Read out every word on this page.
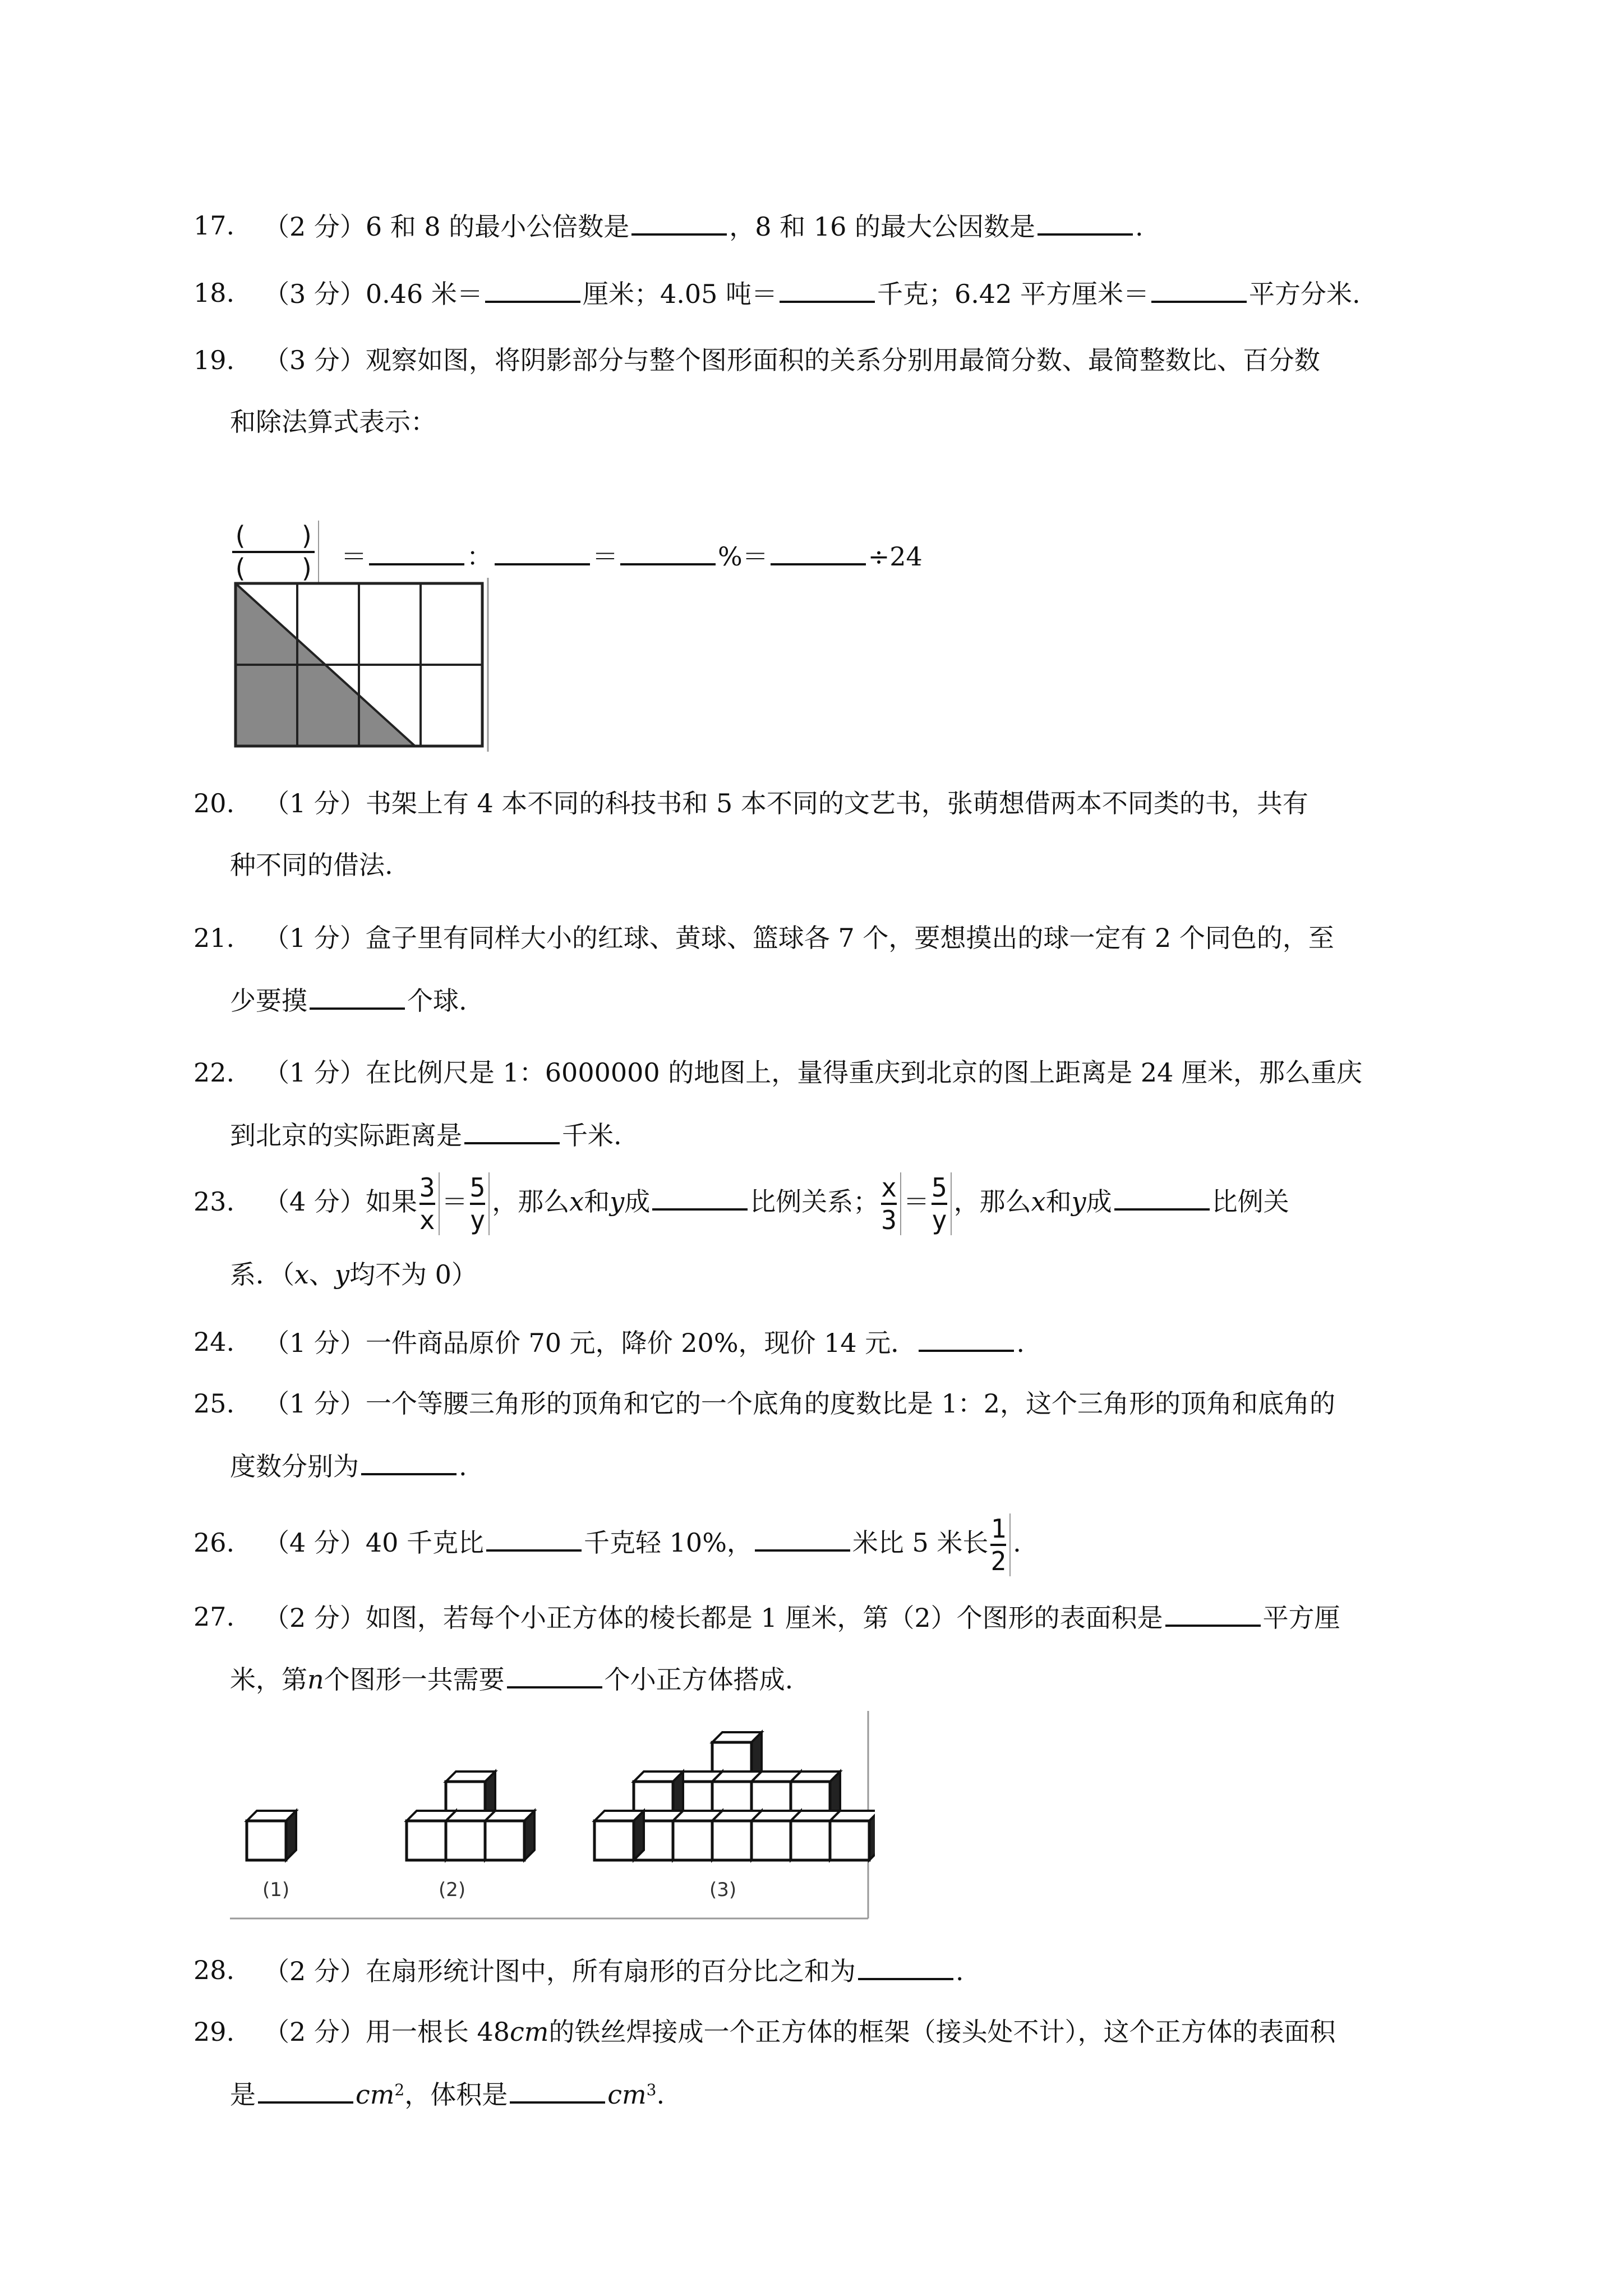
17. （2 分）6 和 8 的最小公倍数是	，8 和 16 的最大公因数是	.
18. （3 分）0.46 米＝	厘米；4.05 吨＝	千克；6.42 平方厘米＝	平方分米.
19. （3 分）观察如图，将阴影部分与整个图形面积的关系分别用最简分数、最简整数比、百分数
和除法算式表示：
$\frac{( )}{( )}$ ＝	：	＝	%＝	÷24
20. （1 分）书架上有 4 本不同的科技书和 5 本不同的文艺书，张萌想借两本不同类的书，共有
种不同的借法.
21. （1 分）盒子里有同样大小的红球、黄球、篮球各 7 个，要想摸出的球一定有 2 个同色的，至
少要摸	个球.
22. （1 分）在比例尺是 1：6000000 的地图上，量得重庆到北京的图上距离是 24 厘米，那么重庆
到北京的实际距离是	千米.
23. （4 分）如果 $\frac{3}{x} = \frac{5}{y}$ ，那么x和y成	比例关系； $\frac{x}{3} = \frac{5}{y}$ ，那么x和y成	比例关
系．（x、y均不为 0）
24. （1 分）一件商品原价 70 元，降价 20%，现价 14 元．	.
25. （1 分）一个等腰三角形的顶角和它的一个底角的度数比是 1：2，这个三角形的顶角和底角的
度数分别为	.
26. （4 分）40 千克比	千克轻 10%，	米比 5 米长 $\frac{1}{2}$ .
27. （2 分）如图，若每个小正方体的棱长都是 1 厘米，第（2）个图形的表面积是	平方厘
米，第n个图形一共需要	个小正方体搭成.
(1)	(2)	(3)
28. （2 分）在扇形统计图中，所有扇形的百分比之和为	.
29. （2 分）用一根长 48cm的铁丝焊接成一个正方体的框架（接头处不计），这个正方体的表面积
是	$cm^2$，体积是	$cm^3$.
